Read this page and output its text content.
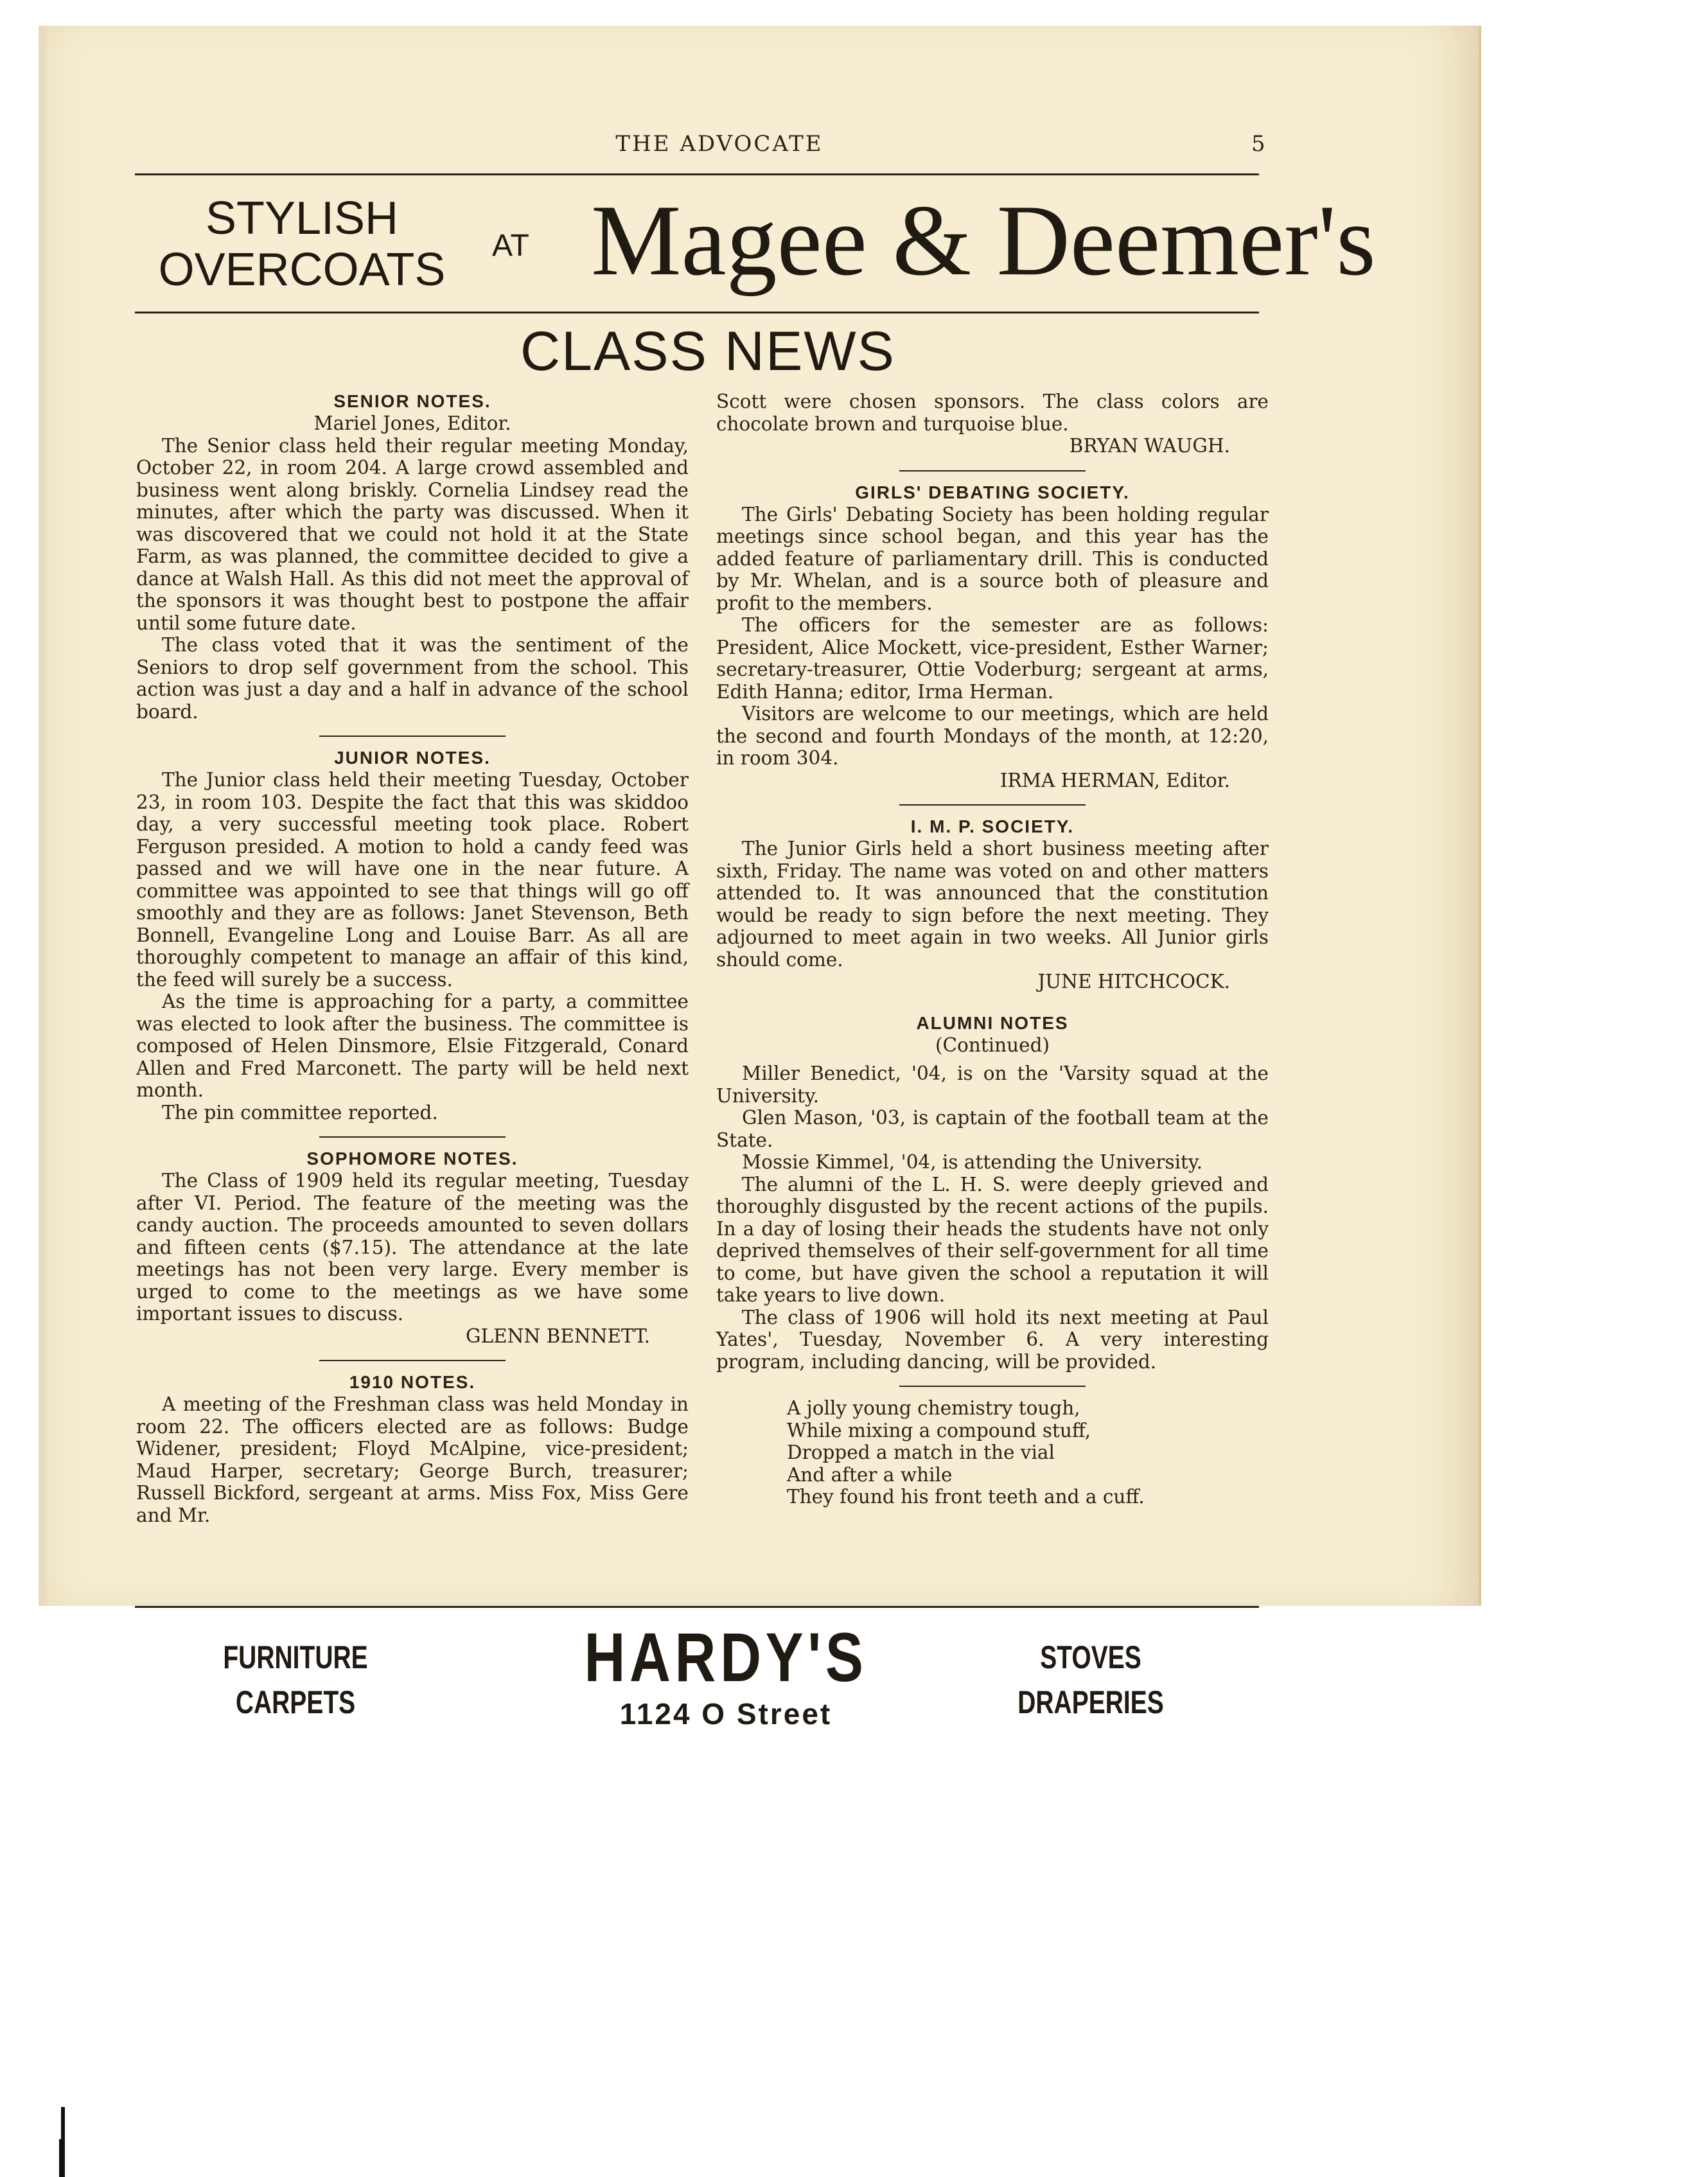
THE ADVOCATE	5
STYLISH
OVERCOATS	AT Magee & Deemer's
CLASS NEWS
SENIOR NOTES.
Mariel Jones, Editor.

The Senior class held their regular meeting Monday, October 22, in room 204. A large crowd assembled and business went along briskly. Cornelia Lindsey read the minutes, after which the party was discussed. When it was discovered that we could not hold it at the State Farm, as was planned, the committee decided to give a dance at Walsh Hall. As this did not meet the approval of the sponsors it was thought best to postpone the affair until some future date.

The class voted that it was the sentiment of the Seniors to drop self government from the school. This action was just a day and a half in advance of the school board.

JUNIOR NOTES.

The Junior class held their meeting Tuesday, October 23, in room 103. Despite the fact that this was skiddoo day, a very successful meeting took place. Robert Ferguson presided. A motion to hold a candy feed was passed and we will have one in the near future. A committee was appointed to see that things will go off smoothly and they are as follows: Janet Stevenson, Beth Bonnell, Evangeline Long and Louise Barr. As all are thoroughly competent to manage an affair of this kind, the feed will surely be a success.

As the time is approaching for a party, a committee was elected to look after the business. The committee is composed of Helen Dinsmore, Elsie Fitzgerald, Conard Allen and Fred Marconett. The party will be held next month.

The pin committee reported.

SOPHOMORE NOTES.

The Class of 1909 held its regular meeting, Tuesday after VI. Period. The feature of the meeting was the candy auction. The proceeds amounted to seven dollars and fifteen cents ($7.15). The attendance at the late meetings has not been very large. Every member is urged to come to the meetings as we have some important issues to discuss.

GLENN BENNETT.
1910 NOTES.

A meeting of the Freshman class was held Monday in room 22. The officers elected are as follows: Budge Widener, president; Floyd McAlpine, vice-president; Maud Harper, secretary; George Burch, treasurer; Russell Bickford, sergeant at arms. Miss Fox, Miss Gere and Mr.

Scott were chosen sponsors. The class colors are chocolate brown and turquoise blue.

BRYAN WAUGH.
GIRLS' DEBATING SOCIETY.

The Girls' Debating Society has been holding regular meetings since school began, and this year has the added feature of parliamentary drill. This is conducted by Mr. Whelan, and is a source both of pleasure and profit to the members.

The officers for the semester are as follows: President, Alice Mockett, vice-president, Esther Warner; secretary-treasurer, Ottie Voderburg; sergeant at arms, Edith Hanna; editor, Irma Herman.

Visitors are welcome to our meetings, which are held the second and fourth Mondays of the month, at 12:20, in room 304.

IRMA HERMAN, Editor.
I. M. P. SOCIETY.

The Junior Girls held a short business meeting after sixth, Friday. The name was voted on and other matters attended to. It was announced that the constitution would be ready to sign before the next meeting. They adjourned to meet again in two weeks. All Junior girls should come.

JUNE HITCHCOCK.
ALUMNI NOTES
(Continued)

Miller Benedict, '04, is on the 'Varsity squad at the University.

Glen Mason, '03, is captain of the football team at the State.

Mossie Kimmel, '04, is attending the University.

The alumni of the L. H. S. were deeply grieved and thoroughly disgusted by the recent actions of the pupils. In a day of losing their heads the students have not only deprived themselves of their self-government for all time to come, but have given the school a reputation it will take years to live down.

The class of 1906 will hold its next meeting at Paul Yates', Tuesday, November 6. A very interesting program, including dancing, will be provided.

A jolly young chemistry tough,
While mixing a compound stuff,
Dropped a match in the vial
And after a while
They found his front teeth and a cuff.
FURNITURE
CARPETS
HARDY'S
1124 O Street
STOVES
DRAPERIES
